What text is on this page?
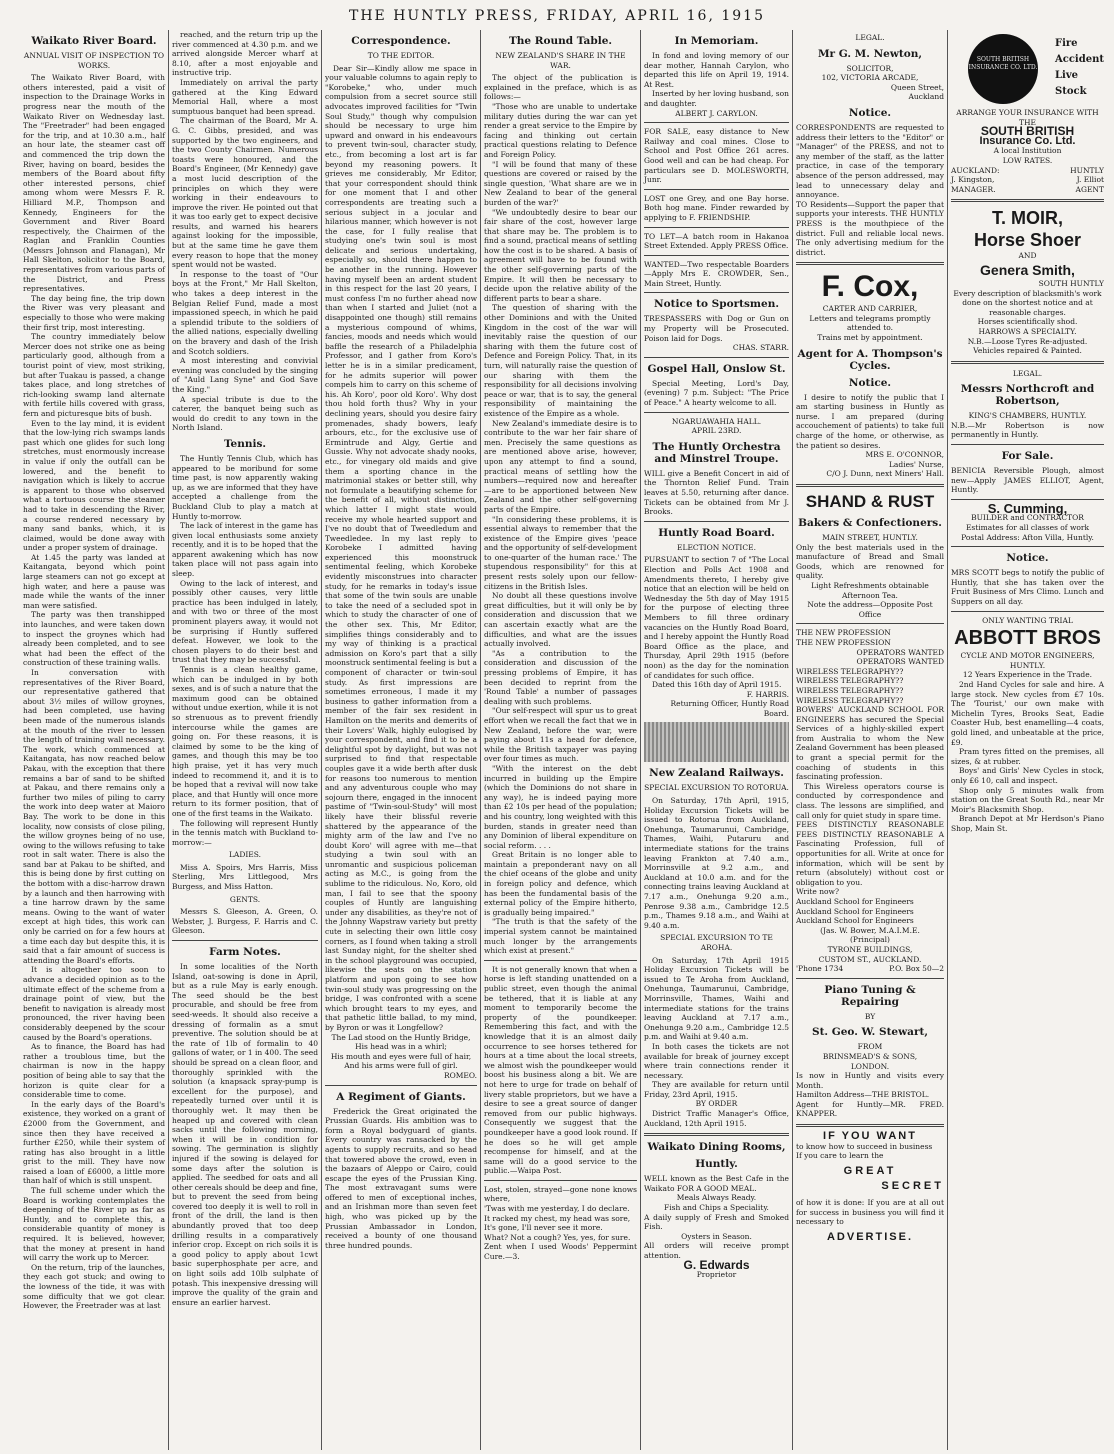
THE HUNTLY PRESS, FRIDAY, APRIL 16, 1915
Waikato River Board.
ANNUAL VISIT OF INSPECTION TO WORKS.

The Waikato River Board, with others interested, paid a visit of inspection to the Drainage Works in progress near the mouth of the Waikato River on Wednesday last. The "Freetrader" had been engaged for the trip, and at 10.30 a.m., half an hour late, the steamer cast off and commenced the trip down the River, having on board, besides the members of the Board about fifty other interested persons, chief among whom were Messrs F. R. Hilliard M.P., Thompson and Kennedy, Engineers for the Government and River Board respectively, the Chairmen of the Raglan and Franklin Counties (Messrs Johnson and Flanagan), Mr Hall Skelton, solicitor to the Board, representatives from various parts of the District, and Press representatives.

The day being fine, the trip down the River was very pleasant and especially to those who were making their first trip, most interesting.

The country immediately below Mercer does not strike one as being particularly good, although from a tourist point of view, most striking, but after Tuakau is passed, a change takes place, and long stretches of rich-looking swamp land alternate with fertile hills covered with grass, fern and picturesque bits of bush.

Even to the lay mind, it is evident that the low-lying rich swamps lands past which one glides for such long stretches, must enormously increase in value if only the outfall can be lowered, and the benefit to navigation which is likely to accrue is apparent to those who observed what a tortuous course the steamer had to take in descending the River, a course rendered necessary by many sand banks, which, it is claimed, would be done away with under a proper system of drainage.

At 1.45 the party was landed at Kaitangata, beyond which point large steamers can not go except at high water, and here a pause was made while the wants of the inner man were satisfied.

The party was then transhipped into launches, and were taken down to inspect the groynes which had already been completed, and to see what had been the effect of the construction of these training walls.

In conversation with representatives of the River Board, our representative gathered that about 3½ miles of willow groynes, had been completed, use having been made of the numerous islands at the mouth of the river to lessen the length of training wall necessary. The work, which commenced at Kaitangata, has now reached below Pakau, with the exception that there remains a bar of sand to be shifted at Pakau, and there remains only a further two miles of piling to carry the work into deep water at Maioro Bay. The work to be done in this locality, now consists of close piling, the willow groynes being of no use, owing to the willows refusing to take root in salt water. There is also the sand bar at Pakau to be shifted, and this is being done by first cutting on the bottom with a disc-harrow drawn by a launch and then harrowing with a tine harrow drawn by the same means. Owing to the want of water except at high tides, this work can only be carried on for a few hours at a time each day but despite this, it is said that a fair amount of success is attending the Board's efforts.

It is altogether too soon to advance a decided opinion as to the ultimate effect of the scheme from a drainage point of view, but the benefit to navigation is already most pronounced, the river having been considerably deepened by the scour caused by the Board's operations.

As to finance, the Board has had rather a troublous time, but the chairman is now in the happy position of being able to say that the horizon is quite clear for a considerable time to come.

In the early days of the Board's existence, they worked on a grant of £2000 from the Government, and since then they have received a further £250, while their system of rating has also brought in a little grist to the mill. They have now raised a loan of £6000, a little more than half of which is still unspent.

The full scheme under which the Board is working contemplates the deepening of the River up as far as Huntly, and to complete this, a considerable quantity of money is required. It is believed, however, that the money at present in hand will carry the work up to Mercer.

On the return, trip of the launches, they each got stuck; and owing to the lowness of the tide, it was with some difficulty that we got clear. However, the Freetrader was at last

reached, and the return trip up the river commenced at 4.30 p.m. and we arrived alongside Mercer wharf at 8.10, after a most enjoyable and instructive trip.

Immediately on arrival the party gathered at the King Edward Memorial Hall, where a most sumptuous banquet had been spread.

The chairman of the Board, Mr A. G. C. Gibbs, presided, and was supported by the two engineers, and the two County Chairmen. Numerous toasts were honoured, and the Board's Engineer, (Mr Kennedy) gave a most lucid description of the principles on which they were working in their endeavours to improve the river. He pointed out that it was too early get to expect decisive results, and warned his hearers against looking for the impossible, but at the same time he gave them every reason to hope that the money spent would not be wasted.

In response to the toast of "Our boys at the Front," Mr Hall Skelton, who takes a deep interest in the Belgian Relief Fund, made a most impassioned speech, in which he paid a splendid tribute to the soldiers of the allied nations, especially dwelling on the bravery and dash of the Irish and Scotch soldiers.

A most interesting and convivial evening was concluded by the singing of "Auld Lang Syne" and God Save the King."

A special tribute is due to the caterer, the banquet being such as would do credit to any town in the North Island.

Tennis.

The Huntly Tennis Club, which has appeared to be moribund for some time past, is now apparently waking up, as we are informed that they have accepted a challenge from the Buckland Club to play a match at Huntly to-morrow.

The lack of interest in the game has given local enthusiasts some anxiety recently, and it is to be hoped that the apparent awakening which has now taken place will not pass again into sleep.

Owing to the lack of interest, and possibly other causes, very little practice has been indulged in lately, and with two or three of the most prominent players away, it would not be surprising if Huntly suffered defeat. However, we look to the chosen players to do their best and trust that they may be successful.

Tennis is a clean healthy game, which can be indulged in by both sexes, and is of such a nature that the maximum good can be obtained without undue exertion, while it is not so strenuous as to prevent friendly intercourse while the games are going on. For these reasons, it is claimed by some to be the king of games, and though this may be too high praise, yet it has very much indeed to recommend it, and it is to be hoped that a revival will now take place, and that Huntly will once more return to its former position, that of one of the first teams in the Waikato.

The following will represent Huntly in the tennis match with Buckland to-morrow:—

LADIES.

Miss A. Spoirs, Mrs Harris, Miss Sterling, Mrs Littlegood, Mrs Burgess, and Miss Hatton.

GENTS.

Messrs S. Gleeson, A. Green, O. Webster, J. Burgess, F. Harris and C. Gleeson.

Farm Notes.

In some localities of the North Island, oat-sowing is done in April, but as a rule May is early enough. The seed should be the best procurable, and should be free from seed-weeds. It should also receive a dressing of formalin as a smut preventive. The solution should be at the rate of 1lb of formalin to 40 gallons of water, or 1 in 400. The seed should be spread on a clean floor, and thoroughly sprinkled with the solution (a knapsack spray-pump is excellent for the purpose), and repeatedly turned over until it is thoroughly wet. It may then be heaped up and covered with clean sacks until the following morning, when it will be in condition for sowing. The germination is slightly injured if the sowing is delayed for some days after the solution is applied. The seedbed for oats and all other cereals should be deep and fine, but to prevent the seed from being covered too deeply it is well to roll in front of the drill, the land is then abundantly proved that too deep drilling results in a comparatively inferior crop. Except on rich soils it is a good policy to apply about 1cwt basic superphosphate per acre, and on light soils add 10lb sulphate of potash. This inexpensive dressing will improve the quality of the grain and ensure an earlier harvest.

Correspondence.
TO THE EDITOR.

Dear Sir—Kindly allow me space in your valuable columns to again reply to "Korobeke," who, under much compulsion from a secret source still advocates improved facilities for "Twin Soul Study," though why compulsion should be necessary to urge him upward and onward in his endeavours to prevent twin-soul, character study, etc., from becoming a lost art is far beyond my reasoning powers. It grieves me considerably, Mr Editor, that your correspondent should think for one moment that I and other correspondents are treating such a serious subject in a jocular and hilarious manner, which however is not the case, for I fully realise that studying one's twin soul is most delicate and serious undertaking, especially so, should there happen to be another in the running. However having myself been an ardent student in this respect for the last 20 years, I must confess I'm no further ahead now than when I started and Juliet (not a disappointed one though) still remains a mysterious compound of whims, fancies, moods and needs which would baffle the research of a Philadelphia Professor, and I gather from Koro's letter he is in a similar predicament, for he admits superior will power compels him to carry on this scheme of his. Ah Koro', poor old Koro'. Why dost thou hold forth thus? Why in your declining years, should you desire fairy promenades, shady bowers, leafy arbours, etc., for the exclusive use of Ermintrude and Algy, Gertie and Gussie. Why not advocate shady nooks, etc., for vinegary old maids and give them a sporting chance in the matrimonial stakes or better still, why not formulate a beautifying scheme for the benefit of all, without distinction, which latter I might state would receive my whole hearted support and I've no doubt that of Tweedledum and Tweedledee. In my last reply to Korobeke I admitted having experienced this moonstruck sentimental feeling, which Korobeke evidently misconstrues into character study, for he remarks in today's issue that some of the twin souls are unable to take the need of a secluded spot in which to study the character of one of the other sex. This, Mr Editor, simplifies things considerably and to my way of thinking is a practical admission on Koro's part that a silly moonstruck sentimental feeling is but a component of character or twin-soul study. As first impressions are sometimes erroneous, I made it my business to gather information from a member of the fair sex resident in Hamilton on the merits and demerits of their Lovers' Walk, highly eulogised by your correspondent, and find it to be a delightful spot by daylight, but was not surprised to find that respectable couples gave it a wide berth after dusk for reasons too numerous to mention and any adventurous couple who may sojourn there, engaged in the innocent pastime of "Twin-soul-Study" will most likely have their blissful reverie shattered by the appearance of the mighty arm of the law and I've no doubt Koro' will agree with me—that studying a twin soul with an unromantic and suspicious policeman acting as M.C., is going from the sublime to the ridiculous. No, Koro, old man, I fail to see that the spoony couples of Huntly are languishing under any disabilities, as they're not of the Johnny Wapstraw variety but pretty cute in selecting their own little cosy corners, as I found when taking a stroll last Sunday night, for the shelter shed in the school playground was occupied, likewise the seats on the station platform and upon going to see how twin-soul study was progressing on the bridge, I was confronted with a scene which brought tears to my eyes, and that pathetic little ballad, to my mind, by Byron or was it Longfellow?

The Lad stood on the Huntly Bridge,
His head was in a whirl;
His mouth and eyes were full of hair,
And his arms were full of girl.
ROMEO.
A Regiment of Giants.

Frederick the Great originated the Prussian Guards. His ambition was to form a Royal bodyguard of giants. Every country was ransacked by the agents to supply recruits, and so head that towered above the crowd, even in the bazaars of Aleppo or Cairo, could escape the eyes of the Prussian King. The most extravagant sums were offered to men of exceptional inches, and an Irishman more than seven feet high, who was picked up by the Prussian Ambassador in London, received a bounty of one thousand three hundred pounds.

The Round Table.
NEW ZEALAND'S SHARE IN THE WAR.

The object of the publication is explained in the preface, which is as follows:—

"Those who are unable to undertake military duties during the war can yet render a great service to the Empire by facing and thinking out certain practical questions relating to Defence and Foreign Policy.

"I will be found that many of these questions are covered or raised by the single question, 'What share are we in New Zealand to bear of the general burden of the war?'

"We undoubtedly desire to bear our fair share of the cost, however large that share may be. The problem is to find a sound, practical means of settling how the cost is to be shared. A basis of agreement will have to be found with the other self-governing parts of the Empire. It will then be necessary to decide upon the relative ability of the different parts to bear a share.

The question of sharing with the other Dominions and with the United Kingdom in the cost of the war will inevitably raise the question of our sharing with them the future cost of Defence and Foreign Policy. That, in its turn, will naturally raise the question of our sharing with them the responsibility for all decisions involving peace or war, that is to say, the general responsibility of maintaining the existence of the Empire as a whole.

New Zealand's immediate desire is to contribute to the war her fair share of men. Precisely the same questions as are mentioned above arise, however, upon any attempt to find a sound, practical means of settling how the numbers—required now and hereafter—are to be apportioned between New Zealand and the other self-governing parts of the Empire.

"In considering these problems, it is essential always to remember that the existence of the Empire gives 'peace and the opportunity of self-development to one-quarter of the human race.' The stupendous responsibility" for this at present rests solely upon our fellow-citizens in the British Isles.

No doubt all these questions involve great difficulties, but it will only be by consideration and discussion that we can ascertain exactly what are the difficulties, and what are the issues actually involved.

"As a contribution to the consideration and discussion of the pressing problems of Empire, it has been decided to reprint from the 'Round Table' a number of passages dealing with such problems.

"Our self-respect will spur us to great effort when we recall the fact that we in New Zealand, before the war, were paying about 11s a head for defence, while the British taxpayer was paying over four times as much.

"With the interest on the debt incurred in building up the Empire (which the Dominions do not share in any way), he is indeed paying more than £2 10s per head of the population; and his country, long weighted with this burden, stands in greater need than any Dominion of liberal expenditure on social reform. . . .

Great Britain is no longer able to maintain a preponderant navy on all the chief oceans of the globe and unity in foreign policy and defence, which has been the fundamental basis of the external policy of the Empire hitherto, is gradually being impaired."

"The truth is that the safety of the imperial system cannot be maintained much longer by the arrangements which exist at present."

It is not generally known that when a horse is left standing unattended on a public street, even though the animal be tethered, that it is liable at any moment to temporarily become the property of the poundkeeper. Remembering this fact, and with the knowledge that it is an almost daily occurrence to see horses tethered for hours at a time about the local streets, we almost wish the poundkeeper would boost his business along a bit. We are not here to urge for trade on behalf of livery stable proprietors, but we have a desire to see a great source of danger removed from our public highways. Consequently we suggest that the poundkeeper have a good look round. If he does so he will get ample recompense for himself, and at the same will do a good service to the public.—Waipa Post.

Lost, stolen, strayed—gone none knows where,
'Twas with me yesterday, I do declare.
It racked my chest, my head was sore,
It's gone, I'll never see it more.
What? Not a cough? Yes, yes, for sure.
Zent when I used Woods' Peppermint Cure.—3.
In Memoriam.

In fond and loving memory of our dear mother, Hannah Carylon, who departed this life on April 19, 1914. At Rest.

Inserted by her loving husband, son and daughter.

ALBERT J. CARYLON.

FOR SALE, easy distance to New Railway and coal mines. Close to School and Post Office 261 acres. Good well and can be had cheap. For particulars see D. MOLESWORTH, Junr.

LOST one Grey, and one Bay horse. Both hog mane. Finder rewarded by applying to F. FRIENDSHIP.

TO LET—A batch room in Hakanoa Street Extended. Apply PRESS Office.

WANTED—Two respectable Boarders—Apply Mrs E. CROWDER, Sen., Main Street, Huntly.

Notice to Sportsmen.

TRESPASSERS with Dog or Gun on my Property will be Prosecuted. Poison laid for Dogs.

CHAS. STARR.
Gospel Hall, Onslow St.

Special Meeting, Lord's Day, (evening) 7 p.m. Subject: "The Price of Peace." A hearty welcome to all.

NGARUAWAHIA HALL.
APRIL 23RD.
The Huntly Orchestra and Minstrel Troupe.

WILL give a Benefit Concert in aid of the Thornton Relief Fund. Train leaves at 5.50, returning after dance. Tickets can be obtained from Mr J. Brooks.

Huntly Road Board.
ELECTION NOTICE.

PURSUANT to section 7 of "The Local Election and Polls Act 1908 and Amendments thereto, I hereby give notice that an election will be held on Wednesday the 5th day of May 1915 for the purpose of electing three Members to fill three ordinary vacancies on the Huntly Road Board, and I hereby appoint the Huntly Road Board Office as the place, and Thursday, April 29th 1915 (before noon) as the day for the nomination of candidates for such office.

Dated this 16th day of April 1915.

F. HARRIS.
Returning Officer, Huntly Road Board.
New Zealand Railways.
SPECIAL EXCURSION TO ROTORUA.

On Saturday, 17th April, 1915, Holiday Excursion Tickets will be issued to Rotorua from Auckland, Onehunga, Taumarunui, Cambridge, Thames, Waihi, Putaruru and intermediate stations for the trains leaving Frankton at 7.40 a.m., Morrinsville at 9.2 a.m., and Auckland at 10.0 a.m. and for the connecting trains leaving Auckland at 7.17 a.m., Onehunga 9.20 a.m., Penrose 9.38 a.m., Cambridge 12.5 p.m., Thames 9.18 a.m., and Waihi at 9.40 a.m.

SPECIAL EXCURSION TO TE AROHA.

On Saturday, 17th April 1915 Holiday Excursion Tickets will be issued to Te Aroha from Auckland, Onehunga, Taumarunui, Cambridge, Morrinsville, Thames, Waihi and intermediate stations for the trains leaving Auckland at 7.17 a.m., Onehunga 9.20 a.m., Cambridge 12.5 p.m. and Waihi at 9.40 a.m.

In both cases the tickets are not available for break of journey except where train connections render it necessary.

They are available for return until Friday, 23rd April, 1915.

BY ORDER

District Traffic Manager's Office, Auckland, 12th April 1915.

Waikato Dining Rooms,
Huntly.

WELL known as the Best Cafe in the Waikato FOR A GOOD MEAL.

Meals Always Ready.
Fish and Chips a Speciality.

A daily supply of Fresh and Smoked Fish.

Oysters in Season.

All orders will receive prompt attention.

G. Edwards
Proprietor
LEGAL.
Mr G. M. Newton,
SOLICITOR,
102, VICTORIA ARCADE,
Queen Street,
Auckland
Notice.

CORRESPONDENTS are requested to address their letters to the "Editor" or "Manager" of the PRESS, and not to any member of the staff, as the latter practice, in case of the temporary absence of the person addressed, may lead to unnecessary delay and annoyance.

TO Residents—Support the paper that supports your interests. THE HUNTLY PRESS is the mouthpiece of the district. Full and reliable local news. The only advertising medium for the district.

F. Cox,
CARTER AND CARRIER,
Letters and telegrams promptly attended to.
Trains met by appointment.
Agent for A. Thompson's Cycles.
Notice.

I desire to notify the public that I am starting business in Huntly as nurse. I am prepared (during accouchement of patients) to take full charge of the home, or otherwise, as the patient so desires.

MRS E. O'CONNOR,
Ladies' Nurse,
C/O J. Dunn, next Miners' Hall.
SHAND & RUST
Bakers & Confectioners.
MAIN STREET, HUNTLY.

Only the best materials used in the manufacture of Bread and Small Goods, which are renowned for quality.

Light Refreshments obtainable Afternoon Tea.
Note the address—Opposite Post Office
THE NEW PROFESSION
THE NEW PROFESSION
OPERATORS WANTED
OPERATORS WANTED
WIRELESS TELEGRAPHY??
WIRELESS TELEGRAPHY??
WIRELESS TELEGRAPHY??
WIRELESS TELEGRAPHY??

BOWERS' AUCKLAND SCHOOL FOR ENGINEERS has secured the Special Services of a highly-skilled expert from Australia to whom the New Zealand Government has been pleased to grant a special permit for the coaching of students in this fascinating profession.

This Wireless operators course is conducted by correspondence and class. The lessons are simplified, and call only for quiet study in spare time.

FEES DISTINCTLY REASONABLE FEES DISTINCTLY REASONABLE A Fascinating Profession, full of opportunities for all. Write at once for information, which will be sent by return (absolutely) without cost or obligation to you.

Write now?
Auckland School for Engineers
Auckland School for Engineers
Auckland School for Engineers
(Jas. W. Bower, M.A.I.M.E.
(Principal)
TYRONE BUILDINGS,
CUSTOM ST., AUCKLAND.
'Phone 1734	P.O. Box 50—2
Piano Tuning & Repairing
BY
St. Geo. W. Stewart,
FROM
BRINSMEAD'S & SONS,
LONDON.

Is now in Huntly and visits every Month.

Hamilton Address—THE BRISTOL.

Agent for Huntly—MR. FRED. KNAPPER.

IF YOU WANT
to know how to succeed in business
If you care to learn the
GREAT
SECRET

of how it is done: If you are at all out for success in business you will find it necessary to

ADVERTISE.
SOUTH BRITISH INSURANCE CO. LTD.
Fire
Accident
Live
Stock
ARRANGE YOUR INSURANCE WITH THE
SOUTH BRITISH
Insurance Co. Ltd.
A local Institution
LOW RATES.
AUCKLAND:	HUNTLY
J. Kingston,	J. Elliot
MANAGER.	AGENT
T. MOIR,
Horse Shoer
AND
Genera Smith,
SOUTH HUNTLY

Every description of blacksmith's work done on the shortest notice and at reasonable charges.

Horses scientifically shod.
HARROWS A SPECIALTY.
N.B.—Loose Tyres Re-adjusted.
Vehicles repaired & Painted.
LEGAL.
Messrs Northcroft and Robertson,
KING'S CHAMBERS, HUNTLY.

N.B.—Mr Robertson is now permanently in Huntly.

For Sale.

BENICIA Reversible Plough, almost new—Apply JAMES ELLIOT, Agent, Huntly.

S. Cumming,
BUILDER and CONTRACTOR
Estimates for all classes of work
Postal Address: Afton Villa, Huntly.
Notice.

MRS SCOTT begs to notify the public of Huntly, that she has taken over the Fruit Business of Mrs Climo. Lunch and Suppers on all day.

ONLY WANTING TRIAL
ABBOTT BROS
CYCLE AND MOTOR ENGINEERS, HUNTLY.
12 Years Experience in the Trade.

2nd Hand Cycles for sale and hire. A large stock. New cycles from £7 10s. The 'Tourist,' our own make with Michelin Tyres, Brooks Seat, Eadie Coaster Hub, best enamelling—4 coats, gold lined, and unbeatable at the price, £9.

Pram tyres fitted on the premises, all sizes, & at rubber.

Boys' and Girls' New Cycles in stock, only £6 10, call and inspect.

Shop only 5 minutes walk from station on the Great South Rd., near Mr Moir's Blacksmith Shop.

Branch Depot at Mr Herdson's Piano Shop, Main St.
